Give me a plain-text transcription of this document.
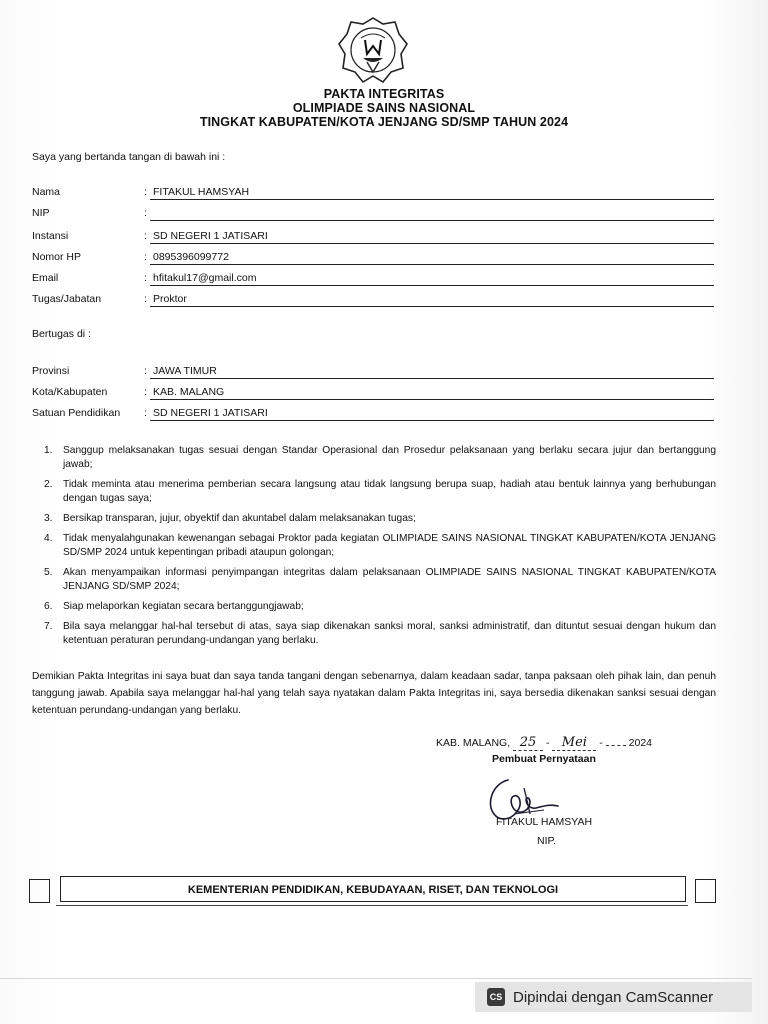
PAKTA INTEGRITAS
OLIMPIADE SAINS NASIONAL
TINGKAT KABUPATEN/KOTA JENJANG SD/SMP TAHUN 2024
Saya yang bertanda tangan di bawah ini :
Nama	: FITAKUL HAMSYAH
NIP	:
Instansi	: SD NEGERI 1 JATISARI
Nomor HP	: 0895396099772
Email	: hfitakul17@gmail.com
Tugas/Jabatan	: Proktor
Bertugas di :
Provinsi	: JAWA TIMUR
Kota/Kabupaten	: KAB. MALANG
Satuan Pendidikan : SD NEGERI 1 JATISARI
1. Sanggup melaksanakan tugas sesuai dengan Standar Operasional dan Prosedur pelaksanaan yang berlaku secara jujur dan bertanggung jawab;
2. Tidak meminta atau menerima pemberian secara langsung atau tidak langsung berupa suap, hadiah atau bentuk lainnya yang berhubungan dengan tugas saya;
3. Bersikap transparan, jujur, obyektif dan akuntabel dalam melaksanakan tugas;
4. Tidak menyalahgunakan kewenangan sebagai Proktor pada kegiatan OLIMPIADE SAINS NASIONAL TINGKAT KABUPATEN/KOTA JENJANG SD/SMP 2024 untuk kepentingan pribadi ataupun golongan;
5. Akan menyampaikan informasi penyimpangan integritas dalam pelaksanaan OLIMPIADE SAINS NASIONAL TINGKAT KABUPATEN/KOTA JENJANG SD/SMP 2024;
6. Siap melaporkan kegiatan secara bertanggungjawab;
7. Bila saya melanggar hal-hal tersebut di atas, saya siap dikenakan sanksi moral, sanksi administratif, dan dituntut sesuai dengan hukum dan ketentuan peraturan perundang-undangan yang berlaku.
Demikian Pakta Integritas ini saya buat dan saya tanda tangani dengan sebenarnya, dalam keadaan sadar, tanpa paksaan oleh pihak lain, dan penuh tanggung jawab. Apabila saya melanggar hal-hal yang telah saya nyatakan dalam Pakta Integritas ini, saya bersedia dikenakan sanksi sesuai dengan ketentuan perundang-undangan yang berlaku.
KAB. MALANG, 25 - Mei -  2024
Pembuat Pernyataan
FITAKUL HAMSYAH
NIP.
KEMENTERIAN PENDIDIKAN, KEBUDAYAAN, RISET, DAN TEKNOLOGI
CS Dipindai dengan CamScanner
